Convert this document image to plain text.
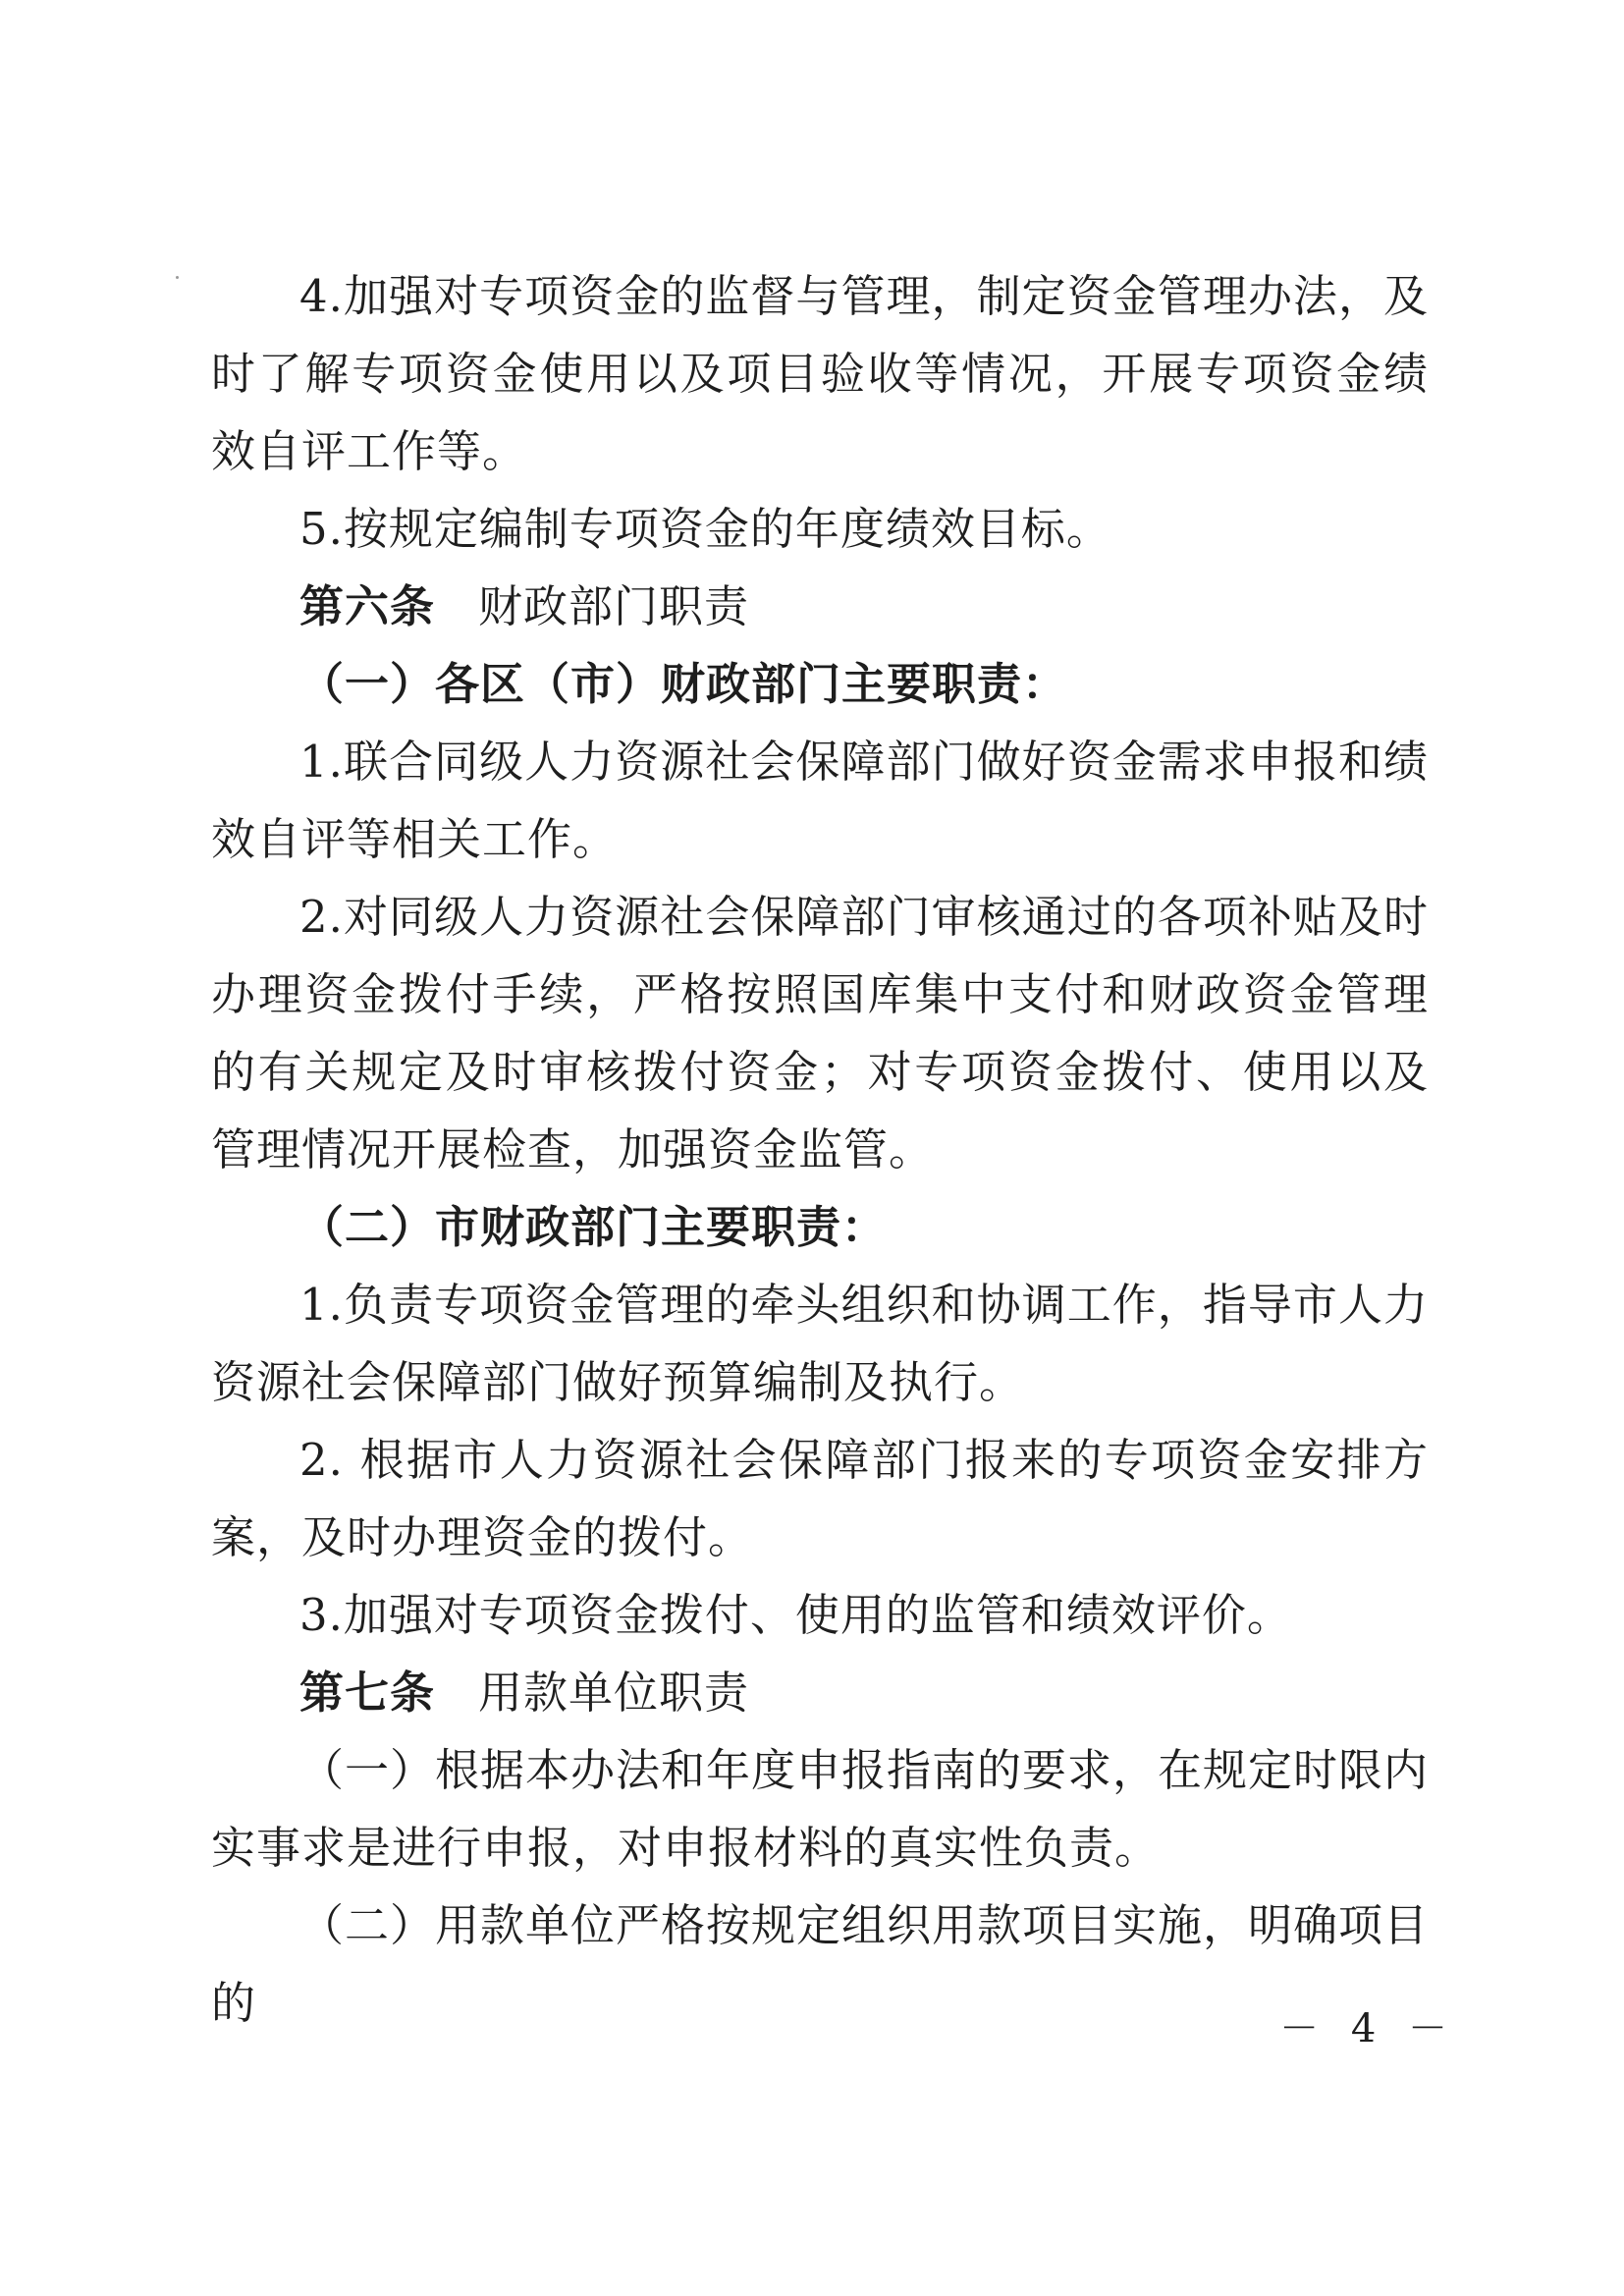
4.加强对专项资金的监督与管理，制定资金管理办法，及时了解专项资金使用以及项目验收等情况，开展专项资金绩效自评工作等。

5.按规定编制专项资金的年度绩效目标。

第六条 财政部门职责

（一）各区（市）财政部门主要职责：

1.联合同级人力资源社会保障部门做好资金需求申报和绩效自评等相关工作。

2.对同级人力资源社会保障部门审核通过的各项补贴及时办理资金拨付手续，严格按照国库集中支付和财政资金管理的有关规定及时审核拨付资金；对专项资金拨付、使用以及管理情况开展检查，加强资金监管。

（二）市财政部门主要职责：

1.负责专项资金管理的牵头组织和协调工作，指导市人力资源社会保障部门做好预算编制及执行。

2. 根据市人力资源社会保障部门报来的专项资金安排方案，及时办理资金的拨付。

3.加强对专项资金拨付、使用的监管和绩效评价。

第七条 用款单位职责

（一）根据本办法和年度申报指南的要求，在规定时限内实事求是进行申报，对申报材料的真实性负责。

（二）用款单位严格按规定组织用款项目实施，明确项目的	－ 4 －
